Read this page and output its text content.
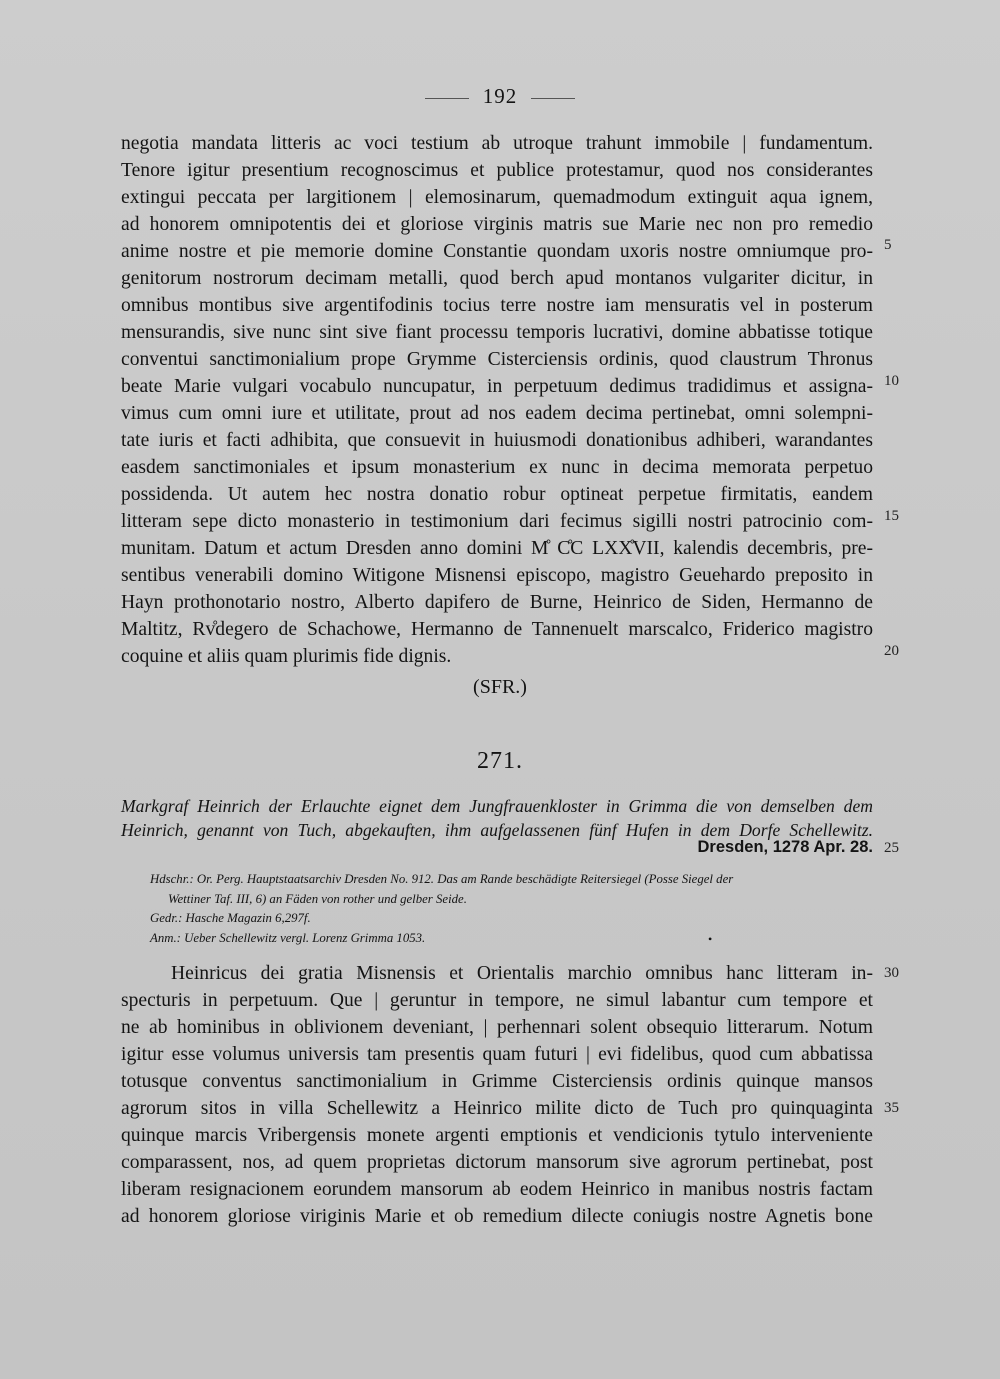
192
negotia mandata litteris ac voci testium ab utroque trahunt immobile | fundamentum.
Tenore igitur presentium recognoscimus et publice protestamur, quod nos considerantes
extingui peccata per largitionem | elemosinarum, quemadmodum extinguit aqua ignem,
ad honorem omnipotentis dei et gloriose virginis matris sue Marie nec non pro remedio
anime nostre et pie memorie domine Constantie quondam uxoris nostre omniumque pro-
genitorum nostrorum decimam metalli, quod berch apud montanos vulgariter dicitur, in
omnibus montibus sive argentifodinis tocius terre nostre iam mensuratis vel in posterum
mensurandis, sive nunc sint sive fiant processu temporis lucrativi, domine abbatisse totique
conventui sanctimonialium prope Grymme Cisterciensis ordinis, quod claustrum Thronus
beate Marie vulgari vocabulo nuncupatur, in perpetuum dedimus tradidimus et assigna-
vimus cum omni iure et utilitate, prout ad nos eadem decima pertinebat, omni solempni-
tate iuris et facti adhibita, que consuevit in huiusmodi donationibus adhiberi, warandantes
easdem sanctimoniales et ipsum monasterium ex nunc in decima memorata perpetuo
possidenda. Ut autem hec nostra donatio robur optineat perpetue firmitatis, eandem
litteram sepe dicto monasterio in testimonium dari fecimus sigilli nostri patrocinio com-
munitam. Datum et actum Dresden anno domini M̊ C̊C LXX̊VII, kalendis decembris, pre-
sentibus venerabili domino Witigone Misnensi episcopo, magistro Geuehardo preposito in
Hayn prothonotario nostro, Alberto dapifero de Burne, Heinrico de Siden, Hermanno de
Maltitz, Rv̊degero de Schachowe, Hermanno de Tannenuelt marscalco, Friderico magistro
coquine et aliis quam plurimis fide dignis.
5
10
15
20
(SFR.)
271.
Markgraf Heinrich der Erlauchte eignet dem Jungfrauenkloster in Grimma die von demselben dem
Heinrich, genannt von Tuch, abgekauften, ihm aufgelassenen fünf Hufen in dem Dorfe Schellewitz.
Dresden, 1278 Apr. 28. 25
Hdschr.: Or. Perg. Hauptstaatsarchiv Dresden No. 912. Das am Rande beschädigte Reitersiegel (Posse Siegel der
Wettiner Taf. III, 6) an Fäden von rother und gelber Seide.
Gedr.: Hasche Magazin 6,297f.
Anm.: Ueber Schellewitz vergl. Lorenz Grimma 1053.	•
Heinricus dei gratia Misnensis et Orientalis marchio omnibus hanc litteram in-
specturis in perpetuum. Que | geruntur in tempore, ne simul labantur cum tempore et
ne ab hominibus in oblivionem deveniant, | perhennari solent obsequio litterarum. Notum
igitur esse volumus universis tam presentis quam futuri | evi fidelibus, quod cum abbatissa
totusque conventus sanctimonialium in Grimme Cisterciensis ordinis quinque mansos
agrorum sitos in villa Schellewitz a Heinrico milite dicto de Tuch pro quinquaginta
quinque marcis Vribergensis monete argenti emptionis et vendicionis tytulo interveniente
comparassent, nos, ad quem proprietas dictorum mansorum sive agrorum pertinebat, post
liberam resignacionem eorundem mansorum ab eodem Heinrico in manibus nostris factam
ad honorem gloriose viriginis Marie et ob remedium dilecte coniugis nostre Agnetis bone
30
35
